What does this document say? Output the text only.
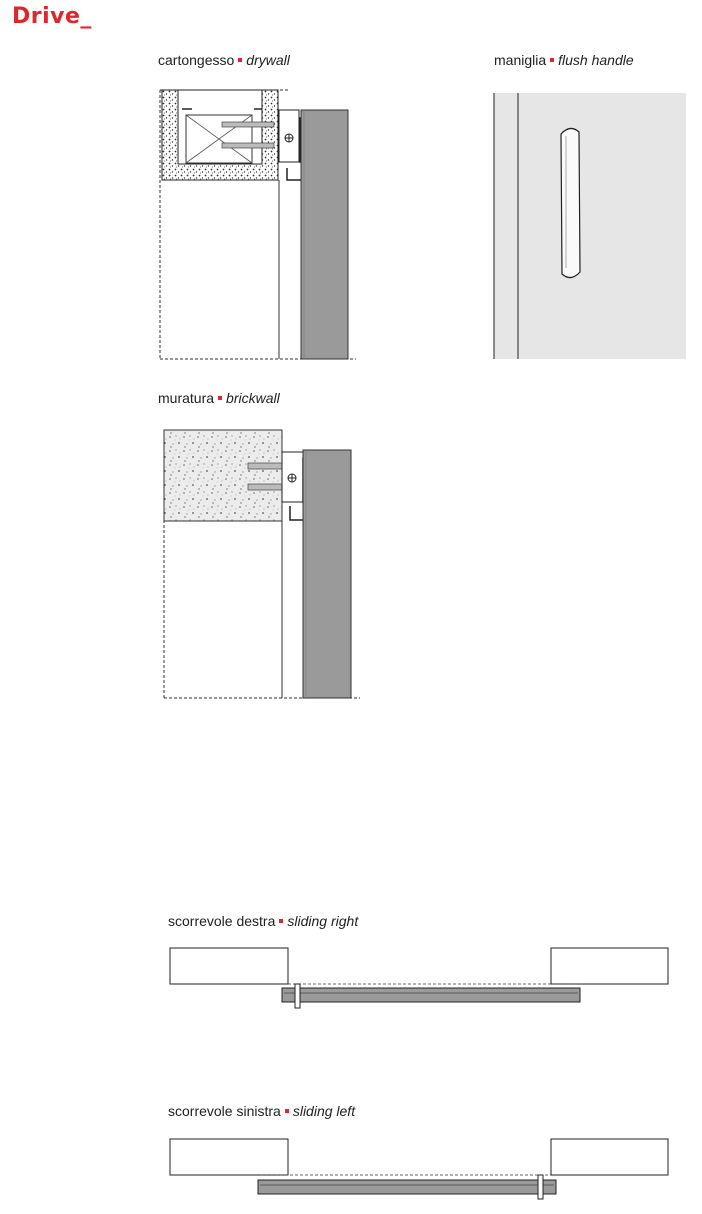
Drive_
cartongesso drywall	maniglia flush handle
muratura brickwall
scorrevole destra sliding right
scorrevole sinistra sliding left
